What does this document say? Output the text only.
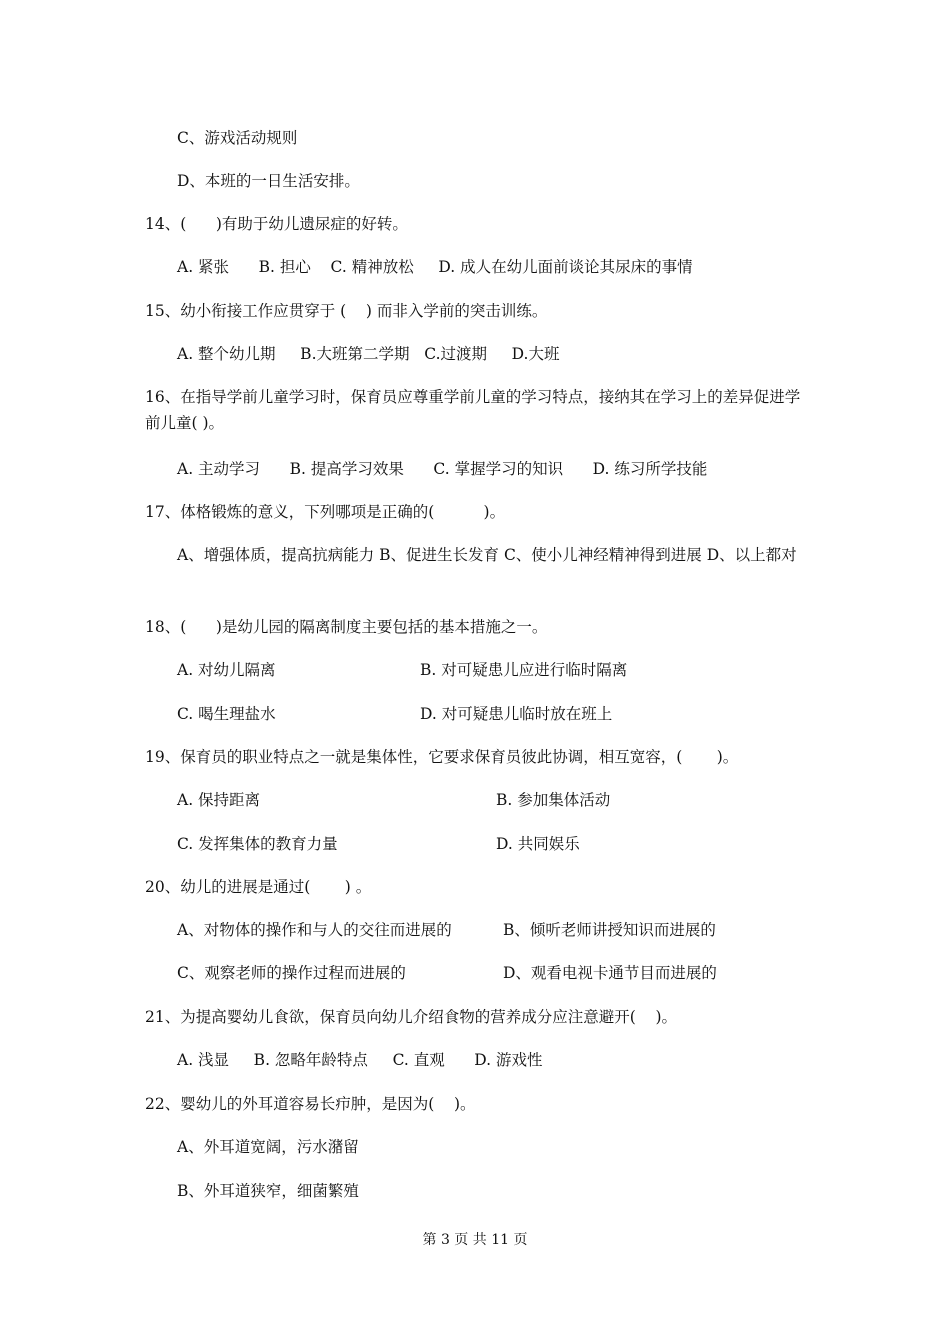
C、游戏活动规则
D、本班的一日生活安排。
14、(      )有助于幼儿遗尿症的好转。
A. 紧张      B. 担心    C. 精神放松     D. 成人在幼儿面前谈论其尿床的事情
15、幼小衔接工作应贯穿于 (    ) 而非入学前的突击训练。
A. 整个幼儿期     B.大班第二学期   C.过渡期     D.大班
16、在指导学前儿童学习时，保育员应尊重学前儿童的学习特点，接纳其在学习上的差异促进学前儿童( )。
A. 主动学习      B. 提高学习效果      C. 掌握学习的知识      D. 练习所学技能
17、体格锻炼的意义，下列哪项是正确的(          )。
A、增强体质，提高抗病能力 B、促进生长发育 C、使小儿神经精神得到进展 D、以上都对
18、(      )是幼儿园的隔离制度主要包括的基本措施之一。
A. 对幼儿隔离	B. 对可疑患儿应进行临时隔离
C. 喝生理盐水	D. 对可疑患儿临时放在班上
19、保育员的职业特点之一就是集体性，它要求保育员彼此协调，相互宽容，(       )。
A. 保持距离	B. 参加集体活动
C. 发挥集体的教育力量	D. 共同娱乐
20、幼儿的进展是通过(       ) 。
A、对物体的操作和与人的交往而进展的	B、倾听老师讲授知识而进展的
C、观察老师的操作过程而进展的	D、观看电视卡通节目而进展的
21、为提高婴幼儿食欲，保育员向幼儿介绍食物的营养成分应注意避开(    )。
A. 浅显     B. 忽略年龄特点     C. 直观      D. 游戏性
22、婴幼儿的外耳道容易长疖肿，是因为(    )。
A、外耳道宽阔，污水潴留
B、外耳道狭窄，细菌繁殖
第 3 页 共 11 页
